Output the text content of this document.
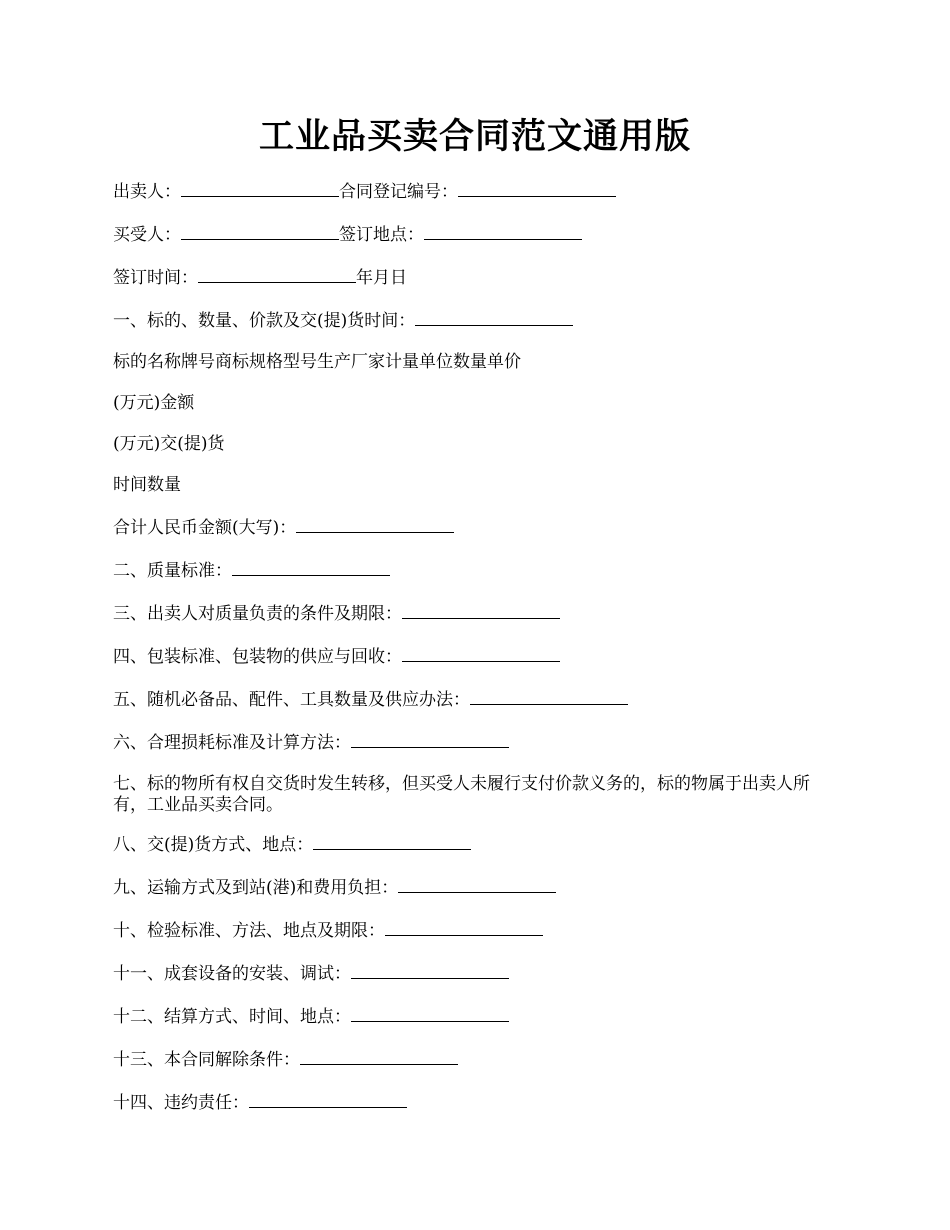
工业品买卖合同范文通用版

出卖人：	合同登记编号：

买受人：	签订地点：

签订时间：	年月日

一、标的、数量、价款及交(提)货时间：

标的名称牌号商标规格型号生产厂家计量单位数量单价

(万元)金额

(万元)交(提)货

时间数量

合计人民币金额(大写)：

二、质量标准：

三、出卖人对质量负责的条件及期限：

四、包装标准、包装物的供应与回收：

五、随机必备品、配件、工具数量及供应办法：

六、合理损耗标准及计算方法：

七、标的物所有权自交货时发生转移，但买受人未履行支付价款义务的，标的物属于出卖人所有，工业品买卖合同。

八、交(提)货方式、地点：

九、运输方式及到站(港)和费用负担：

十、检验标准、方法、地点及期限：

十一、成套设备的安装、调试：

十二、结算方式、时间、地点：

十三、本合同解除条件：

十四、违约责任：
